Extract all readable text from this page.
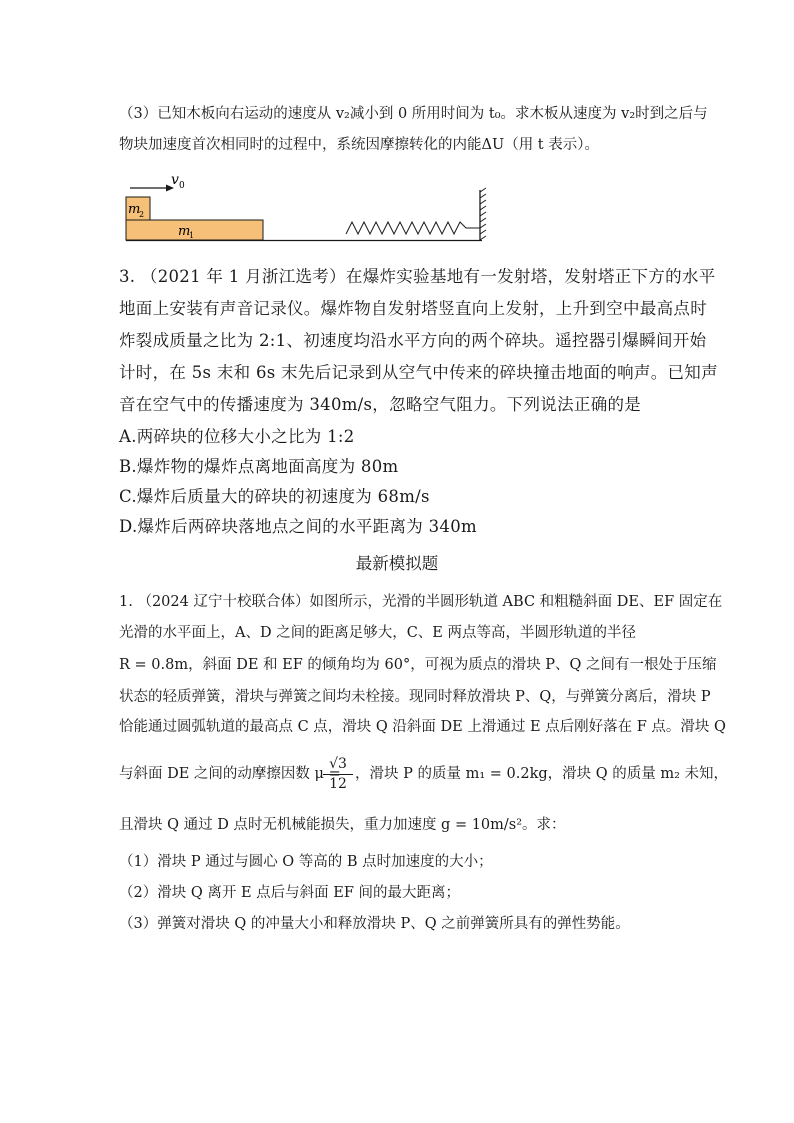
（3）已知木板向右运动的速度从 v₂减小到 0 所用时间为 t₀。求木板从速度为 v₂时到之后与
物块加速度首次相同时的过程中，系统因摩擦转化的内能ΔU（用 t 表示）。
v 0
m
2
m
1
3. （2021 年 1 月浙江选考）在爆炸实验基地有一发射塔，发射塔正下方的水平
地面上安装有声音记录仪。爆炸物自发射塔竖直向上发射，上升到空中最高点时
炸裂成质量之比为 2:1、初速度均沿水平方向的两个碎块。遥控器引爆瞬间开始
计时，在 5s 末和 6s 末先后记录到从空气中传来的碎块撞击地面的响声。已知声
音在空气中的传播速度为 340m/s，忽略空气阻力。下列说法正确的是
A.两碎块的位移大小之比为 1:2
B.爆炸物的爆炸点离地面高度为 80m
C.爆炸后质量大的碎块的初速度为 68m/s
D.爆炸后两碎块落地点之间的水平距离为 340m
最新模拟题
1. （2024 辽宁十校联合体）如图所示，光滑的半圆形轨道 ABC 和粗糙斜面 DE、EF 固定在
光滑的水平面上，A、D 之间的距离足够大，C、E 两点等高，半圆形轨道的半径
R = 0.8m，斜面 DE 和 EF 的倾角均为 60°，可视为质点的滑块 P、Q 之间有一根处于压缩
状态的轻质弹簧，滑块与弹簧之间均未栓接。现同时释放滑块 P、Q，与弹簧分离后，滑块 P
恰能通过圆弧轨道的最高点 C 点，滑块 Q 沿斜面 DE 上滑通过 E 点后刚好落在 F 点。滑块 Q
与斜面 DE 之间的动摩擦因数 μ =
$\frac{√3}{12}$ ，滑块 P 的质量 m₁ = 0.2kg，滑块 Q 的质量 m₂ 未知，
且滑块 Q 通过 D 点时无机械能损失，重力加速度 g = 10m/s²。求：
（1）滑块 P 通过与圆心 O 等高的 B 点时加速度的大小；
（2）滑块 Q 离开 E 点后与斜面 EF 间的最大距离；
（3）弹簧对滑块 Q 的冲量大小和释放滑块 P、Q 之前弹簧所具有的弹性势能。
